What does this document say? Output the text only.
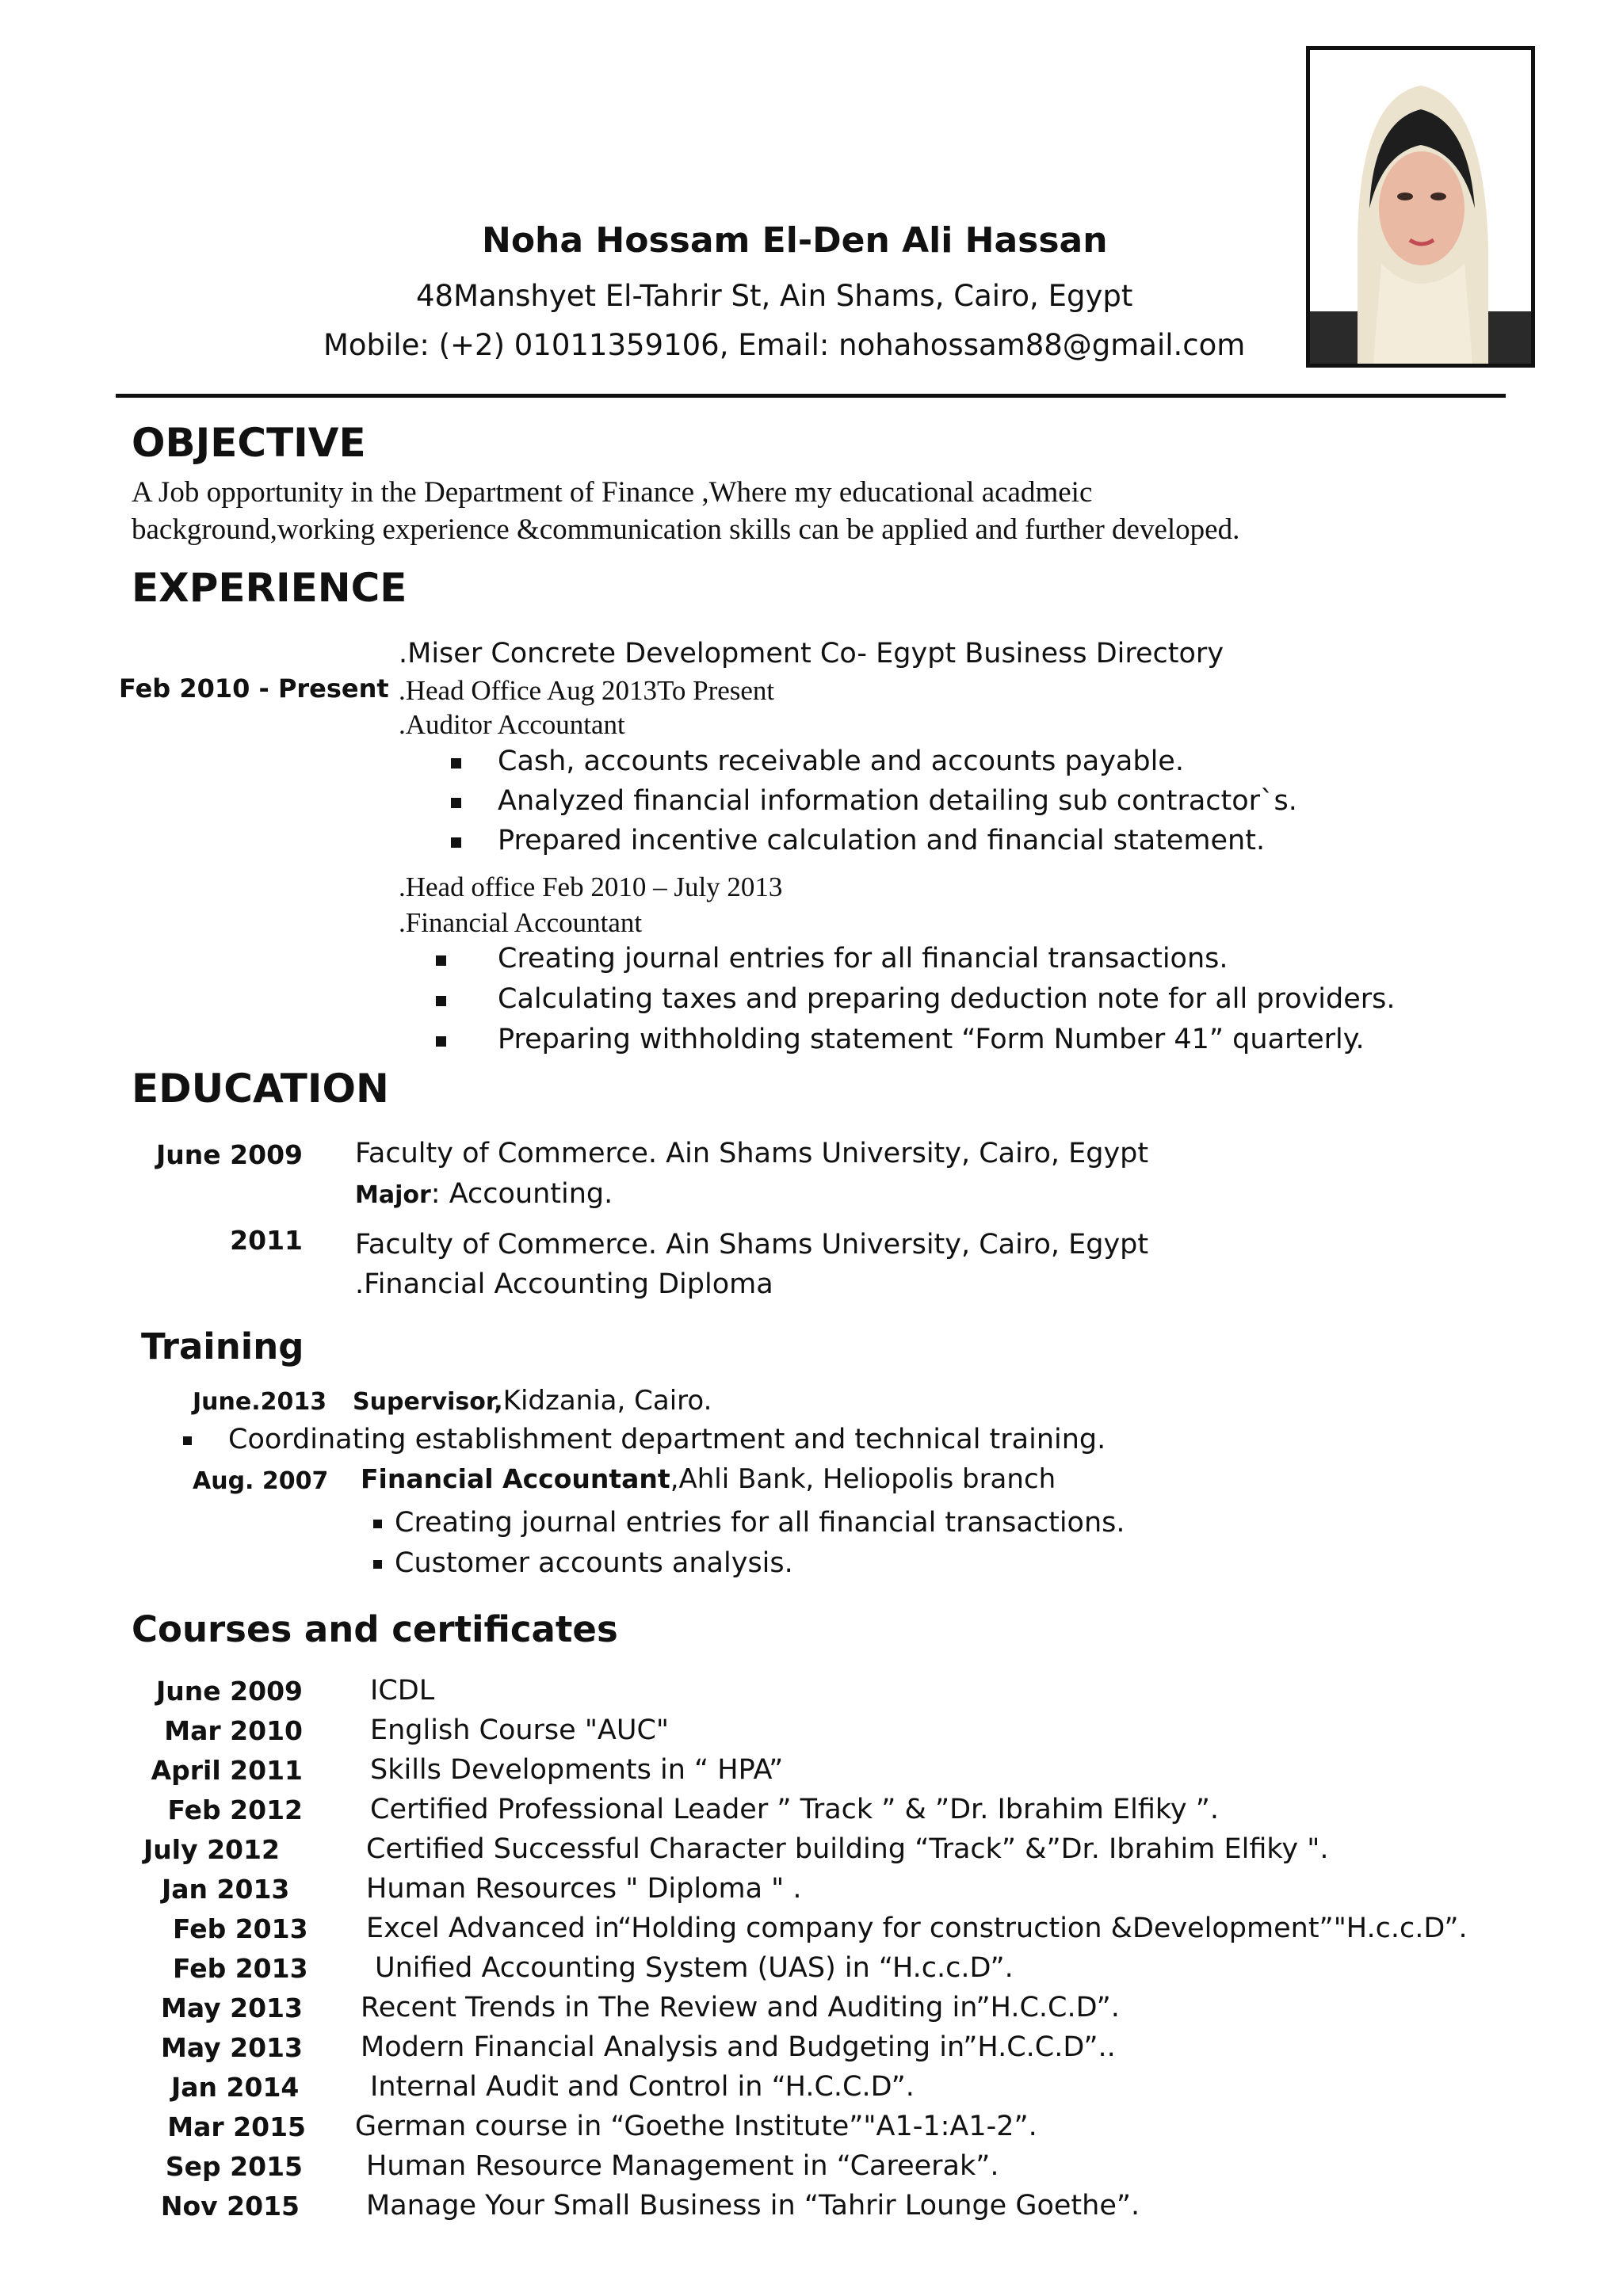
Noha Hossam El-Den Ali Hassan
48Manshyet El-Tahrir St, Ain Shams, Cairo, Egypt
Mobile: (+2) 01011359106, Email: nohahossam88@gmail.com
OBJECTIVE
A Job opportunity in the Department of Finance ,Where my educational acadmeic
background,working experience &communication skills can be applied and further developed.
EXPERIENCE
Feb 2010 - Present
.Miser Concrete Development Co- Egypt Business Directory
.Head Office Aug 2013To Present
.Auditor Accountant
Cash, accounts receivable and accounts payable.
Analyzed financial information detailing sub contractor`s.
Prepared incentive calculation and financial statement.
.Head office Feb 2010 – July 2013
.Financial Accountant
Creating journal entries for all financial transactions.
Calculating taxes and preparing deduction note for all providers.
Preparing withholding statement “Form Number 41” quarterly.
EDUCATION
June 2009 Faculty of Commerce. Ain Shams University, Cairo, Egypt
Major: Accounting.
2011 Faculty of Commerce. Ain Shams University, Cairo, Egypt
.Financial Accounting Diploma
Training
June.2013 Supervisor,Kidzania, Cairo.
Coordinating establishment department and technical training.
Aug. 2007 Financial Accountant,Ahli Bank, Heliopolis branch
Creating journal entries for all financial transactions.
Customer accounts analysis.
Courses and certificates
June 2009 ICDL
Mar 2010 English Course "AUC"
April 2011 Skills Developments in “ HPA”
Feb 2012 Certified Professional Leader ” Track ” & ”Dr. Ibrahim Elfiky ”.
July 2012	Certified Successful Character building “Track” &”Dr. Ibrahim Elfiky ".
Jan 2013	Human Resources " Diploma " .
Feb 2013 Excel Advanced in“Holding company for construction &Development”"H.c.c.D”.
Feb 2013 Unified Accounting System (UAS) in “H.c.c.D”.
May 2013 Recent Trends in The Review and Auditing in”H.C.C.D”.
May 2013 Modern Financial Analysis and Budgeting in”H.C.C.D”..
Jan 2014	Internal Audit and Control in “H.C.C.D”.
Mar 2015 German course in “Goethe Institute”"A1-1:A1-2”.
Sep 2015 Human Resource Management in “Careerak”.
Nov 2015 Manage Your Small Business in “Tahrir Lounge Goethe”.
